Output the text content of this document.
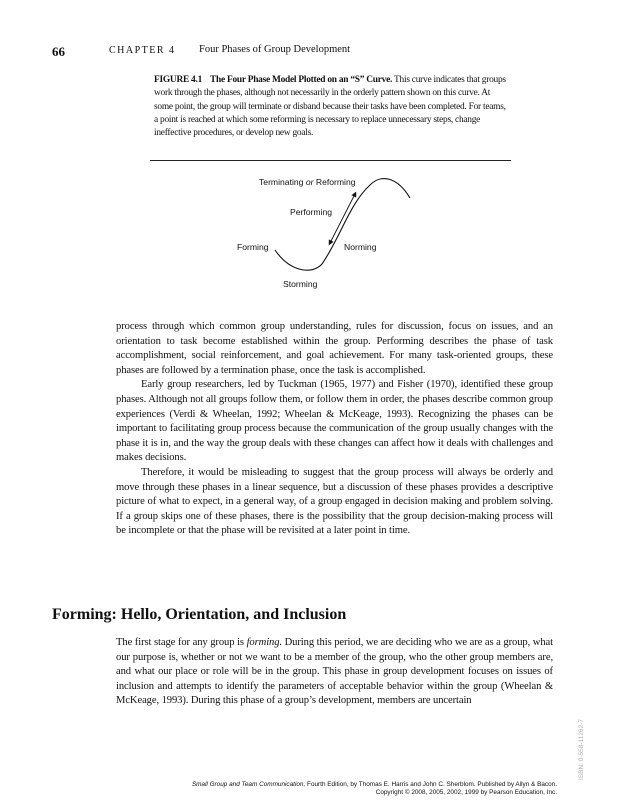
66	CHAPTER 4 Four Phases of Group Development
FIGURE 4.1 The Four Phase Model Plotted on an “S” Curve. This curve indicates that groups work through the phases, although not necessarily in the orderly pattern shown on this curve. At some point, the group will terminate or disband because their tasks have been completed. For teams, a point is reached at which some reforming is necessary to replace unnecessary steps, change ineffective procedures, or develop new goals.
Terminating or Reforming
Performing
Forming	Norming
Storming

process through which common group understanding, rules for discussion, focus on issues, and an orientation to task become established within the group. Performing describes the phase of task accomplishment, social reinforcement, and goal achievement. For many task-oriented groups, these phases are followed by a termination phase, once the task is accomplished.

Early group researchers, led by Tuckman (1965, 1977) and Fisher (1970), identified these group phases. Although not all groups follow them, or follow them in order, the phases describe common group experiences (Verdi & Wheelan, 1992; Wheelan & McKeage, 1993). Recognizing the phases can be important to facilitating group process because the communication of the group usually changes with the phase it is in, and the way the group deals with these changes can affect how it deals with challenges and makes decisions.

Therefore, it would be misleading to suggest that the group process will always be orderly and move through these phases in a linear sequence, but a discussion of these phases provides a descriptive picture of what to expect, in a general way, of a group engaged in decision making and problem solving. If a group skips one of these phases, there is the possibility that the group decision-making process will be incomplete or that the phase will be revisited at a later point in time.

Forming: Hello, Orientation, and Inclusion

The first stage for any group is forming. During this period, we are deciding who we are as a group, what our purpose is, whether or not we want to be a member of the group, who the other group members are, and what our place or role will be in the group. This phase in group development focuses on issues of inclusion and attempts to identify the parameters of acceptable behavior within the group (Wheelan & McKeage, 1993). During this phase of a group’s development, members are uncertain

ISBN: 0-558-11262-7
Small Group and Team Communication, Fourth Edition, by Thomas E. Harris and John C. Sherblom. Published by Allyn & Bacon.
Copyright © 2008, 2005, 2002, 1999 by Pearson Education, Inc.
